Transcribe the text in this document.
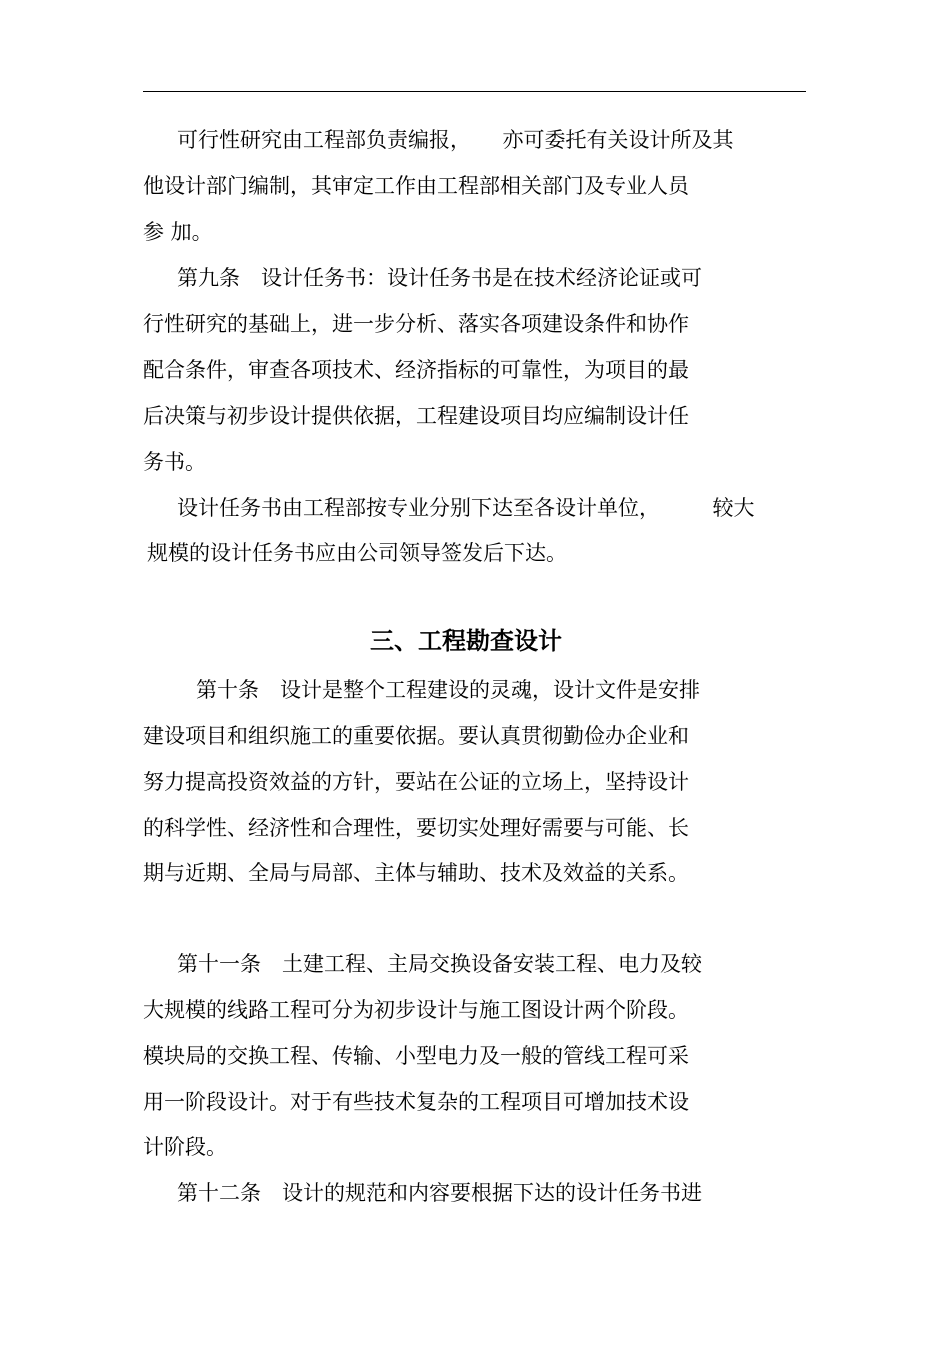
可行性研究由工程部负责编报，　　亦可委托有关设计所及其
他设计部门编制，其审定工作由工程部相关部门及专业人员
参 加。
第九条　设计任务书：设计任务书是在技术经济论证或可
行性研究的基础上，进一步分析、落实各项建设条件和协作
配合条件，审查各项技术、经济指标的可靠性，为项目的最
后决策与初步设计提供依据，工程建设项目均应编制设计任
务书。
设计任务书由工程部按专业分别下达至各设计单位，　　　较大
规模的设计任务书应由公司领导签发后下达。
三、工程勘查设计
第十条　设计是整个工程建设的灵魂，设计文件是安排
建设项目和组织施工的重要依据。要认真贯彻勤俭办企业和
努力提高投资效益的方针，要站在公证的立场上，坚持设计
的科学性、经济性和合理性，要切实处理好需要与可能、长
期与近期、全局与局部、主体与辅助、技术及效益的关系。
第十一条　土建工程、主局交换设备安装工程、电力及较
大规模的线路工程可分为初步设计与施工图设计两个阶段。
模块局的交换工程、传输、小型电力及一般的管线工程可采
用一阶段设计。对于有些技术复杂的工程项目可增加技术设
计阶段。
第十二条　设计的规范和内容要根据下达的设计任务书进
